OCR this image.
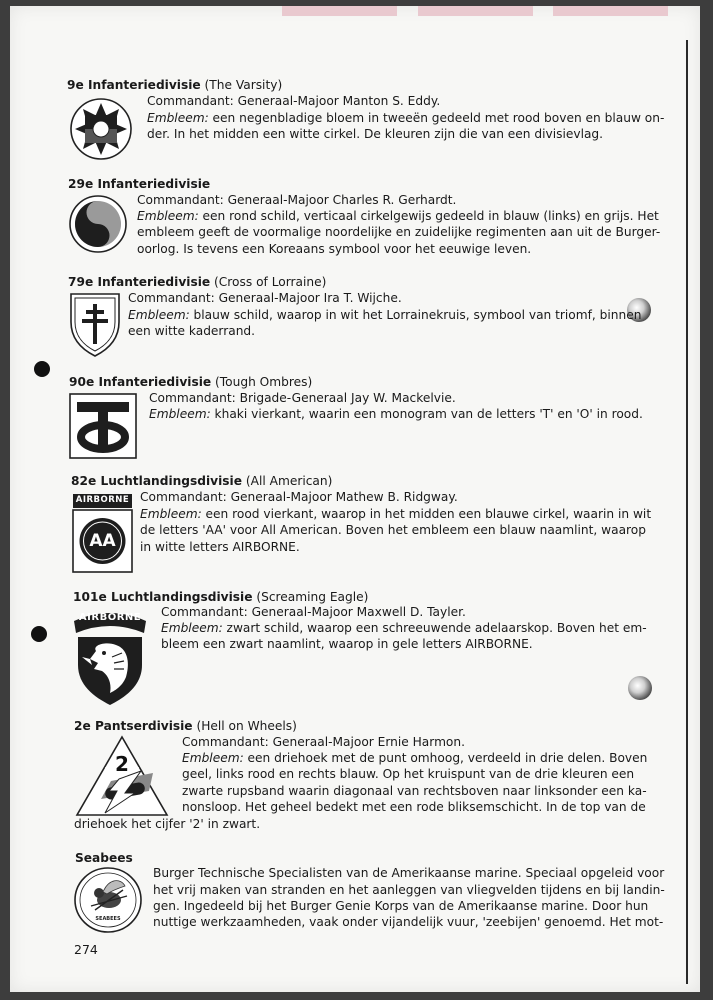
9e Infanteriedivisie (The Varsity)
Commandant: Generaal-Majoor Manton S. Eddy.
Embleem: een negenbladige bloem in tweeën gedeeld met rood boven en blauw on-
der. In het midden een witte cirkel. De kleuren zijn die van een divisievlag.
29e Infanteriedivisie
Commandant: Generaal-Majoor Charles R. Gerhardt.
Embleem: een rond schild, verticaal cirkelgewijs gedeeld in blauw (links) en grijs. Het
embleem geeft de voormalige noordelijke en zuidelijke regimenten aan uit de Burger-
oorlog. Is tevens een Koreaans symbool voor het eeuwige leven.
79e Infanteriedivisie (Cross of Lorraine)
Commandant: Generaal-Majoor Ira T. Wijche.
Embleem: blauw schild, waarop in wit het Lorrainekruis, symbool van triomf, binnen
een witte kaderrand.
90e Infanteriedivisie (Tough Ombres)
Commandant: Brigade-Generaal Jay W. Mackelvie.
Embleem: khaki vierkant, waarin een monogram van de letters 'T' en 'O' in rood.
82e Luchtlandingsdivisie (All American)
AIRBORNE
AA
Commandant: Generaal-Majoor Mathew B. Ridgway.
Embleem: een rood vierkant, waarop in het midden een blauwe cirkel, waarin in wit
de letters 'AA' voor All American. Boven het embleem een blauw naamlint, waarop
in witte letters AIRBORNE.
101e Luchtlandingsdivisie (Screaming Eagle)
AIRBORNE	Commandant: Generaal-Majoor Maxwell D. Tayler.
Embleem: zwart schild, waarop een schreeuwende adelaarskop. Boven het em-
bleem een zwart naamlint, waarop in gele letters AIRBORNE.
2e Pantserdivisie (Hell on Wheels)
2
Commandant: Generaal-Majoor Ernie Harmon.
Embleem: een driehoek met de punt omhoog, verdeeld in drie delen. Boven
geel, links rood en rechts blauw. Op het kruispunt van de drie kleuren een
zwarte rupsband waarin diagonaal van rechtsboven naar linksonder een ka-
nonsloop. Het geheel bedekt met een rode bliksemschicht. In de top van de
driehoek het cijfer '2' in zwart.
Seabees
SEABEES
Burger Technische Specialisten van de Amerikaanse marine. Speciaal opgeleid voor
het vrij maken van stranden en het aanleggen van vliegvelden tijdens en bij landin-
gen. Ingedeeld bij het Burger Genie Korps van de Amerikaanse marine. Door hun
nuttige werkzaamheden, vaak onder vijandelijk vuur, 'zeebijen' genoemd. Het mot-
274
